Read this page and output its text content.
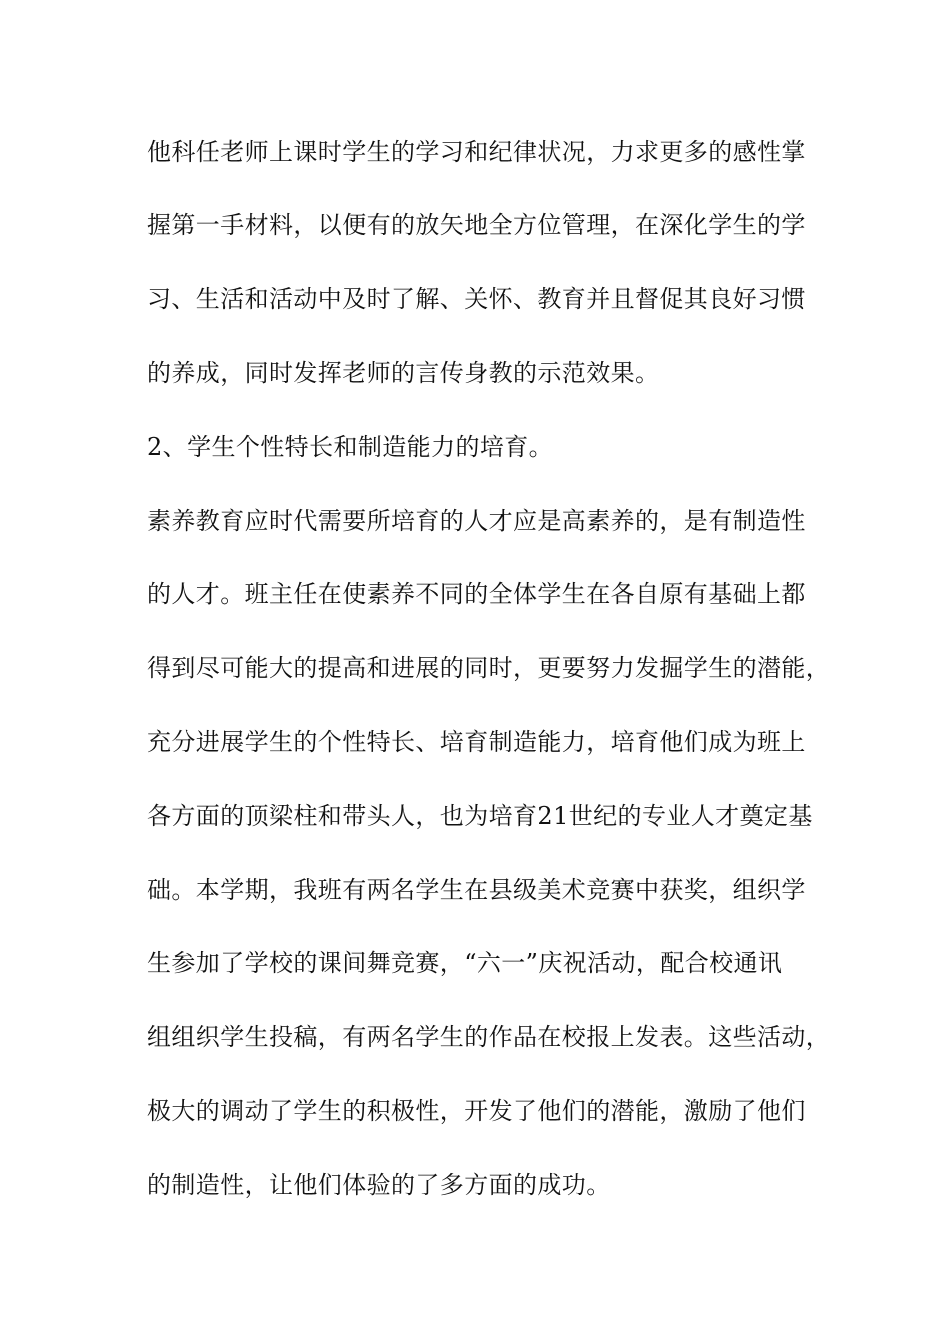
他科任老师上课时学生的学习和纪律状况，力求更多的感性掌
握第一手材料，以便有的放矢地全方位管理，在深化学生的学
习、生活和活动中及时了解、关怀、教育并且督促其良好习惯
的养成，同时发挥老师的言传身教的示范效果。
2、学生个性特长和制造能力的培育。
素养教育应时代需要所培育的人才应是高素养的，是有制造性
的人才。班主任在使素养不同的全体学生在各自原有基础上都
得到尽可能大的提高和进展的同时，更要努力发掘学生的潜能，
充分进展学生的个性特长、培育制造能力，培育他们成为班上
各方面的顶梁柱和带头人，也为培育21世纪的专业人才奠定基
础。本学期，我班有两名学生在县级美术竞赛中获奖，组织学
生参加了学校的课间舞竞赛，“六一”庆祝活动，配合校通讯
组组织学生投稿，有两名学生的作品在校报上发表。这些活动，
极大的调动了学生的积极性，开发了他们的潜能，激励了他们
的制造性，让他们体验的了多方面的成功。
